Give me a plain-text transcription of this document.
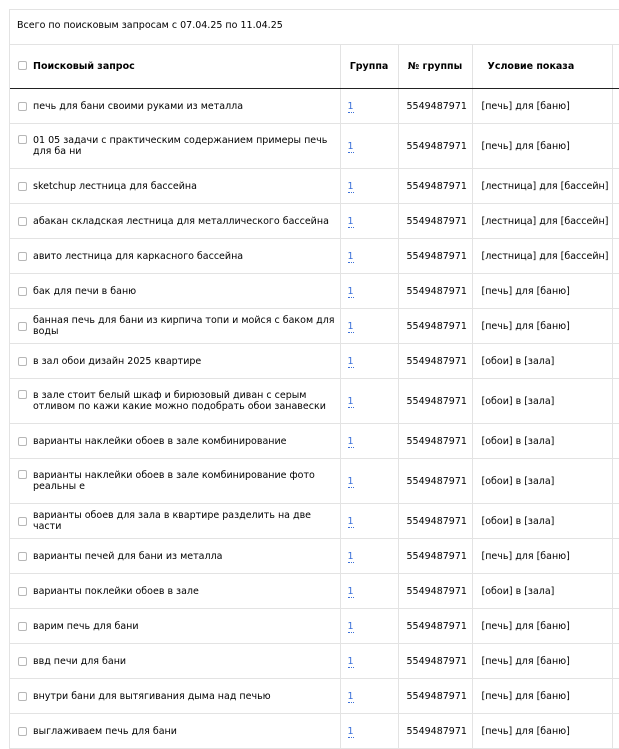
Всего по поисковым запросам с 07.04.25 по 11.04.25
Поисковый запрос	Группа	№ группы	Условие показа	

печь для бани своими руками из металла	1	5549487971	[печь] для [баню]	

01 05 задачи с практическим содержанием примеры печь для ба ни	1	5549487971	[печь] для [баню]	

sketchup лестница для бассейна	1	5549487971	[лестница] для [бассейн]	

абакан складская лестница для металлического бассейна	1	5549487971	[лестница] для [бассейн]	

авито лестница для каркасного бассейна	1	5549487971	[лестница] для [бассейн]	

бак для печи в баню	1	5549487971	[печь] для [баню]	

банная печь для бани из кирпича топи и мойся с баком для воды	1	5549487971	[печь] для [баню]	

в зал обои дизайн 2025 квартире	1	5549487971	[обои] в [зала]	

в зале стоит белый шкаф и бирюзовый диван с серым отливом по кажи какие можно подобрать обои занавески	1	5549487971	[обои] в [зала]	

варианты наклейки обоев в зале комбинирование	1	5549487971	[обои] в [зала]	

варианты наклейки обоев в зале комбинирование фото реальны е	1	5549487971	[обои] в [зала]	

варианты обоев для зала в квартире разделить на две части	1	5549487971	[обои] в [зала]	

варианты печей для бани из металла	1	5549487971	[печь] для [баню]	

варианты поклейки обоев в зале	1	5549487971	[обои] в [зала]	

варим печь для бани	1	5549487971	[печь] для [баню]	

ввд печи для бани	1	5549487971	[печь] для [баню]	

внутри бани для вытягивания дыма над печью	1	5549487971	[печь] для [баню]	

выглаживаем печь для бани	1	5549487971	[печь] для [баню]	
